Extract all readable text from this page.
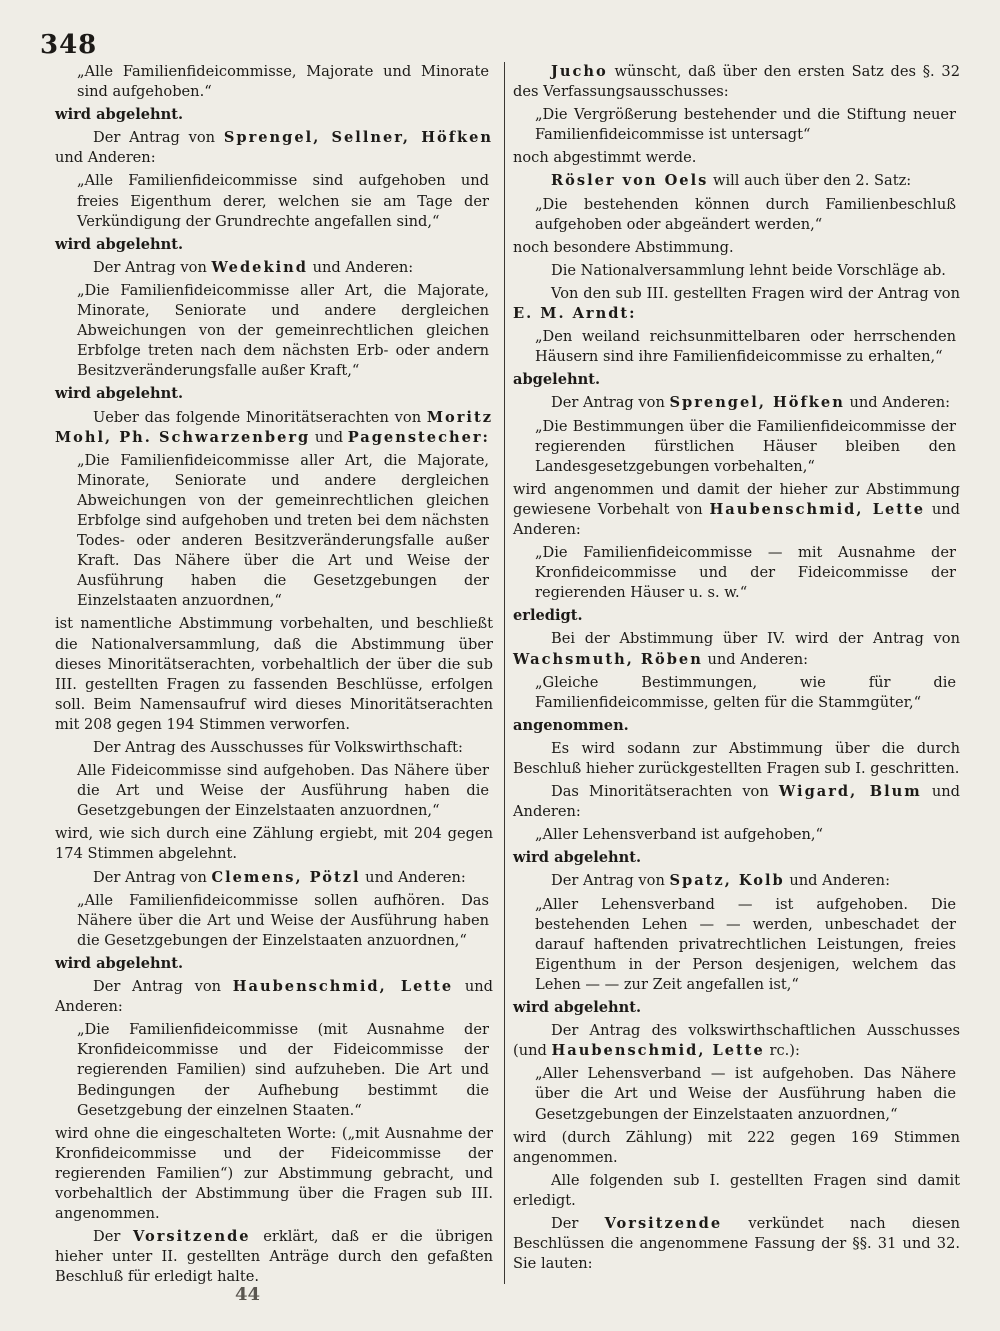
348

„Alle Familienfideicommisse, Majorate und Minorate sind aufgehoben.“

wird abgelehnt.

Der Antrag von Sprengel, Sellner, Höfken und Anderen:

„Alle Familienfideicommisse sind aufgehoben und freies Eigenthum derer, welchen sie am Tage der Verkündigung der Grundrechte angefallen sind,“

wird abgelehnt.

Der Antrag von Wedekind und Anderen:

„Die Familienfideicommisse aller Art, die Majorate, Minorate, Seniorate und andere dergleichen Abweichungen von der gemeinrechtlichen gleichen Erbfolge treten nach dem nächsten Erb- oder andern Besitzveränderungsfalle außer Kraft,“

wird abgelehnt.

Ueber das folgende Minoritätserachten von Moritz Mohl, Ph. Schwarzenberg und Pagenstecher:

„Die Familienfideicommisse aller Art, die Majorate, Minorate, Seniorate und andere dergleichen Abweichungen von der gemeinrechtlichen gleichen Erbfolge sind aufgehoben und treten bei dem nächsten Todes- oder anderen Besitzveränderungsfalle außer Kraft. Das Nähere über die Art und Weise der Ausführung haben die Gesetzgebungen der Einzelstaaten anzuordnen,“

ist namentliche Abstimmung vorbehalten, und beschließt die Nationalversammlung, daß die Abstimmung über dieses Minoritätserachten, vorbehaltlich der über die sub III. gestellten Fragen zu fassenden Beschlüsse, erfolgen soll. Beim Namensaufruf wird dieses Minoritätserachten mit 208 gegen 194 Stimmen verworfen.

Der Antrag des Ausschusses für Volkswirthschaft:

Alle Fideicommisse sind aufgehoben. Das Nähere über die Art und Weise der Ausführung haben die Gesetzgebungen der Einzelstaaten anzuordnen,“

wird, wie sich durch eine Zählung ergiebt, mit 204 gegen 174 Stimmen abgelehnt.

Der Antrag von Clemens, Pötzl und Anderen:

„Alle Familienfideicommisse sollen aufhören. Das Nähere über die Art und Weise der Ausführung haben die Gesetzgebungen der Einzelstaaten anzuordnen,“

wird abgelehnt.

Der Antrag von Haubenschmid, Lette und Anderen:

„Die Familienfideicommisse (mit Ausnahme der Kronfideicommisse und der Fideicommisse der regierenden Familien) sind aufzuheben. Die Art und Bedingungen der Aufhebung bestimmt die Gesetzgebung der einzelnen Staaten.“

wird ohne die eingeschalteten Worte: („mit Ausnahme der Kronfideicommisse und der Fideicommisse der regierenden Familien“) zur Abstimmung gebracht, und vorbehaltlich der Abstimmung über die Fragen sub III. angenommen.

Der Vorsitzende erklärt, daß er die übrigen hieher unter II. gestellten Anträge durch den gefaßten Beschluß für erledigt halte.

Jucho wünscht, daß über den ersten Satz des §. 32 des Verfassungsausschusses:

„Die Vergrößerung bestehender und die Stiftung neuer Familienfideicommisse ist untersagt“

noch abgestimmt werde.

Rösler von Oels will auch über den 2. Satz:

„Die bestehenden können durch Familienbeschluß aufgehoben oder abgeändert werden,“

noch besondere Abstimmung.

Die Nationalversammlung lehnt beide Vorschläge ab.

Von den sub III. gestellten Fragen wird der Antrag von E. M. Arndt:

„Den weiland reichsunmittelbaren oder herrschenden Häusern sind ihre Familienfideicommisse zu erhalten,“

abgelehnt.

Der Antrag von Sprengel, Höfken und Anderen:

„Die Bestimmungen über die Familienfideicommisse der regierenden fürstlichen Häuser bleiben den Landesgesetzgebungen vorbehalten,“

wird angenommen und damit der hieher zur Abstimmung gewiesene Vorbehalt von Haubenschmid, Lette und Anderen:

„Die Familienfideicommisse — mit Ausnahme der Kronfideicommisse und der Fideicommisse der regierenden Häuser u. s. w.“

erledigt.

Bei der Abstimmung über IV. wird der Antrag von Wachsmuth, Röben und Anderen:

„Gleiche Bestimmungen, wie für die Familienfideicommisse, gelten für die Stammgüter,“

angenommen.

Es wird sodann zur Abstimmung über die durch Beschluß hieher zurückgestellten Fragen sub I. geschritten.

Das Minoritätserachten von Wigard, Blum und Anderen:

„Aller Lehensverband ist aufgehoben,“

wird abgelehnt.

Der Antrag von Spatz, Kolb und Anderen:

„Aller Lehensverband — ist aufgehoben. Die bestehenden Lehen — — werden, unbeschadet der darauf haftenden privatrechtlichen Leistungen, freies Eigenthum in der Person desjenigen, welchem das Lehen — — zur Zeit angefallen ist,“

wird abgelehnt.

Der Antrag des volkswirthschaftlichen Ausschusses (und Haubenschmid, Lette rc.):

„Aller Lehensverband — ist aufgehoben. Das Nähere über die Art und Weise der Ausführung haben die Gesetzgebungen der Einzelstaaten anzuordnen,“

wird (durch Zählung) mit 222 gegen 169 Stimmen angenommen.

Alle folgenden sub I. gestellten Fragen sind damit erledigt.

Der Vorsitzende verkündet nach diesen Beschlüssen die angenommene Fassung der §§. 31 und 32. Sie lauten:

44
